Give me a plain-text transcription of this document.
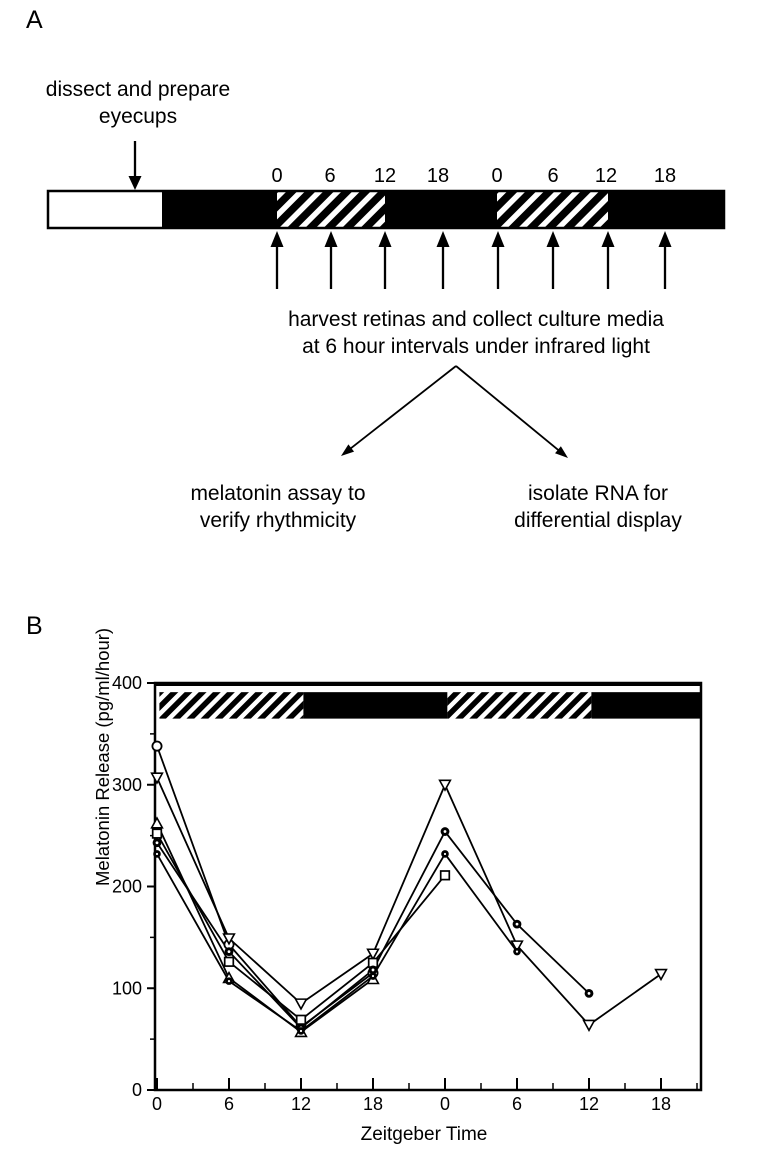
0 6 12 18 0 6 12 18
0
100
200
300
400
0	6	12	18	0	6	12	18
A
dissect and prepare
eyecups
harvest retinas and collect culture media
at 6 hour intervals under infrared light
melatonin assay to
verify rhythmicity
isolate RNA for
differential display
B
Melatonin Release (pg/ml/hour)
Zeitgeber Time
